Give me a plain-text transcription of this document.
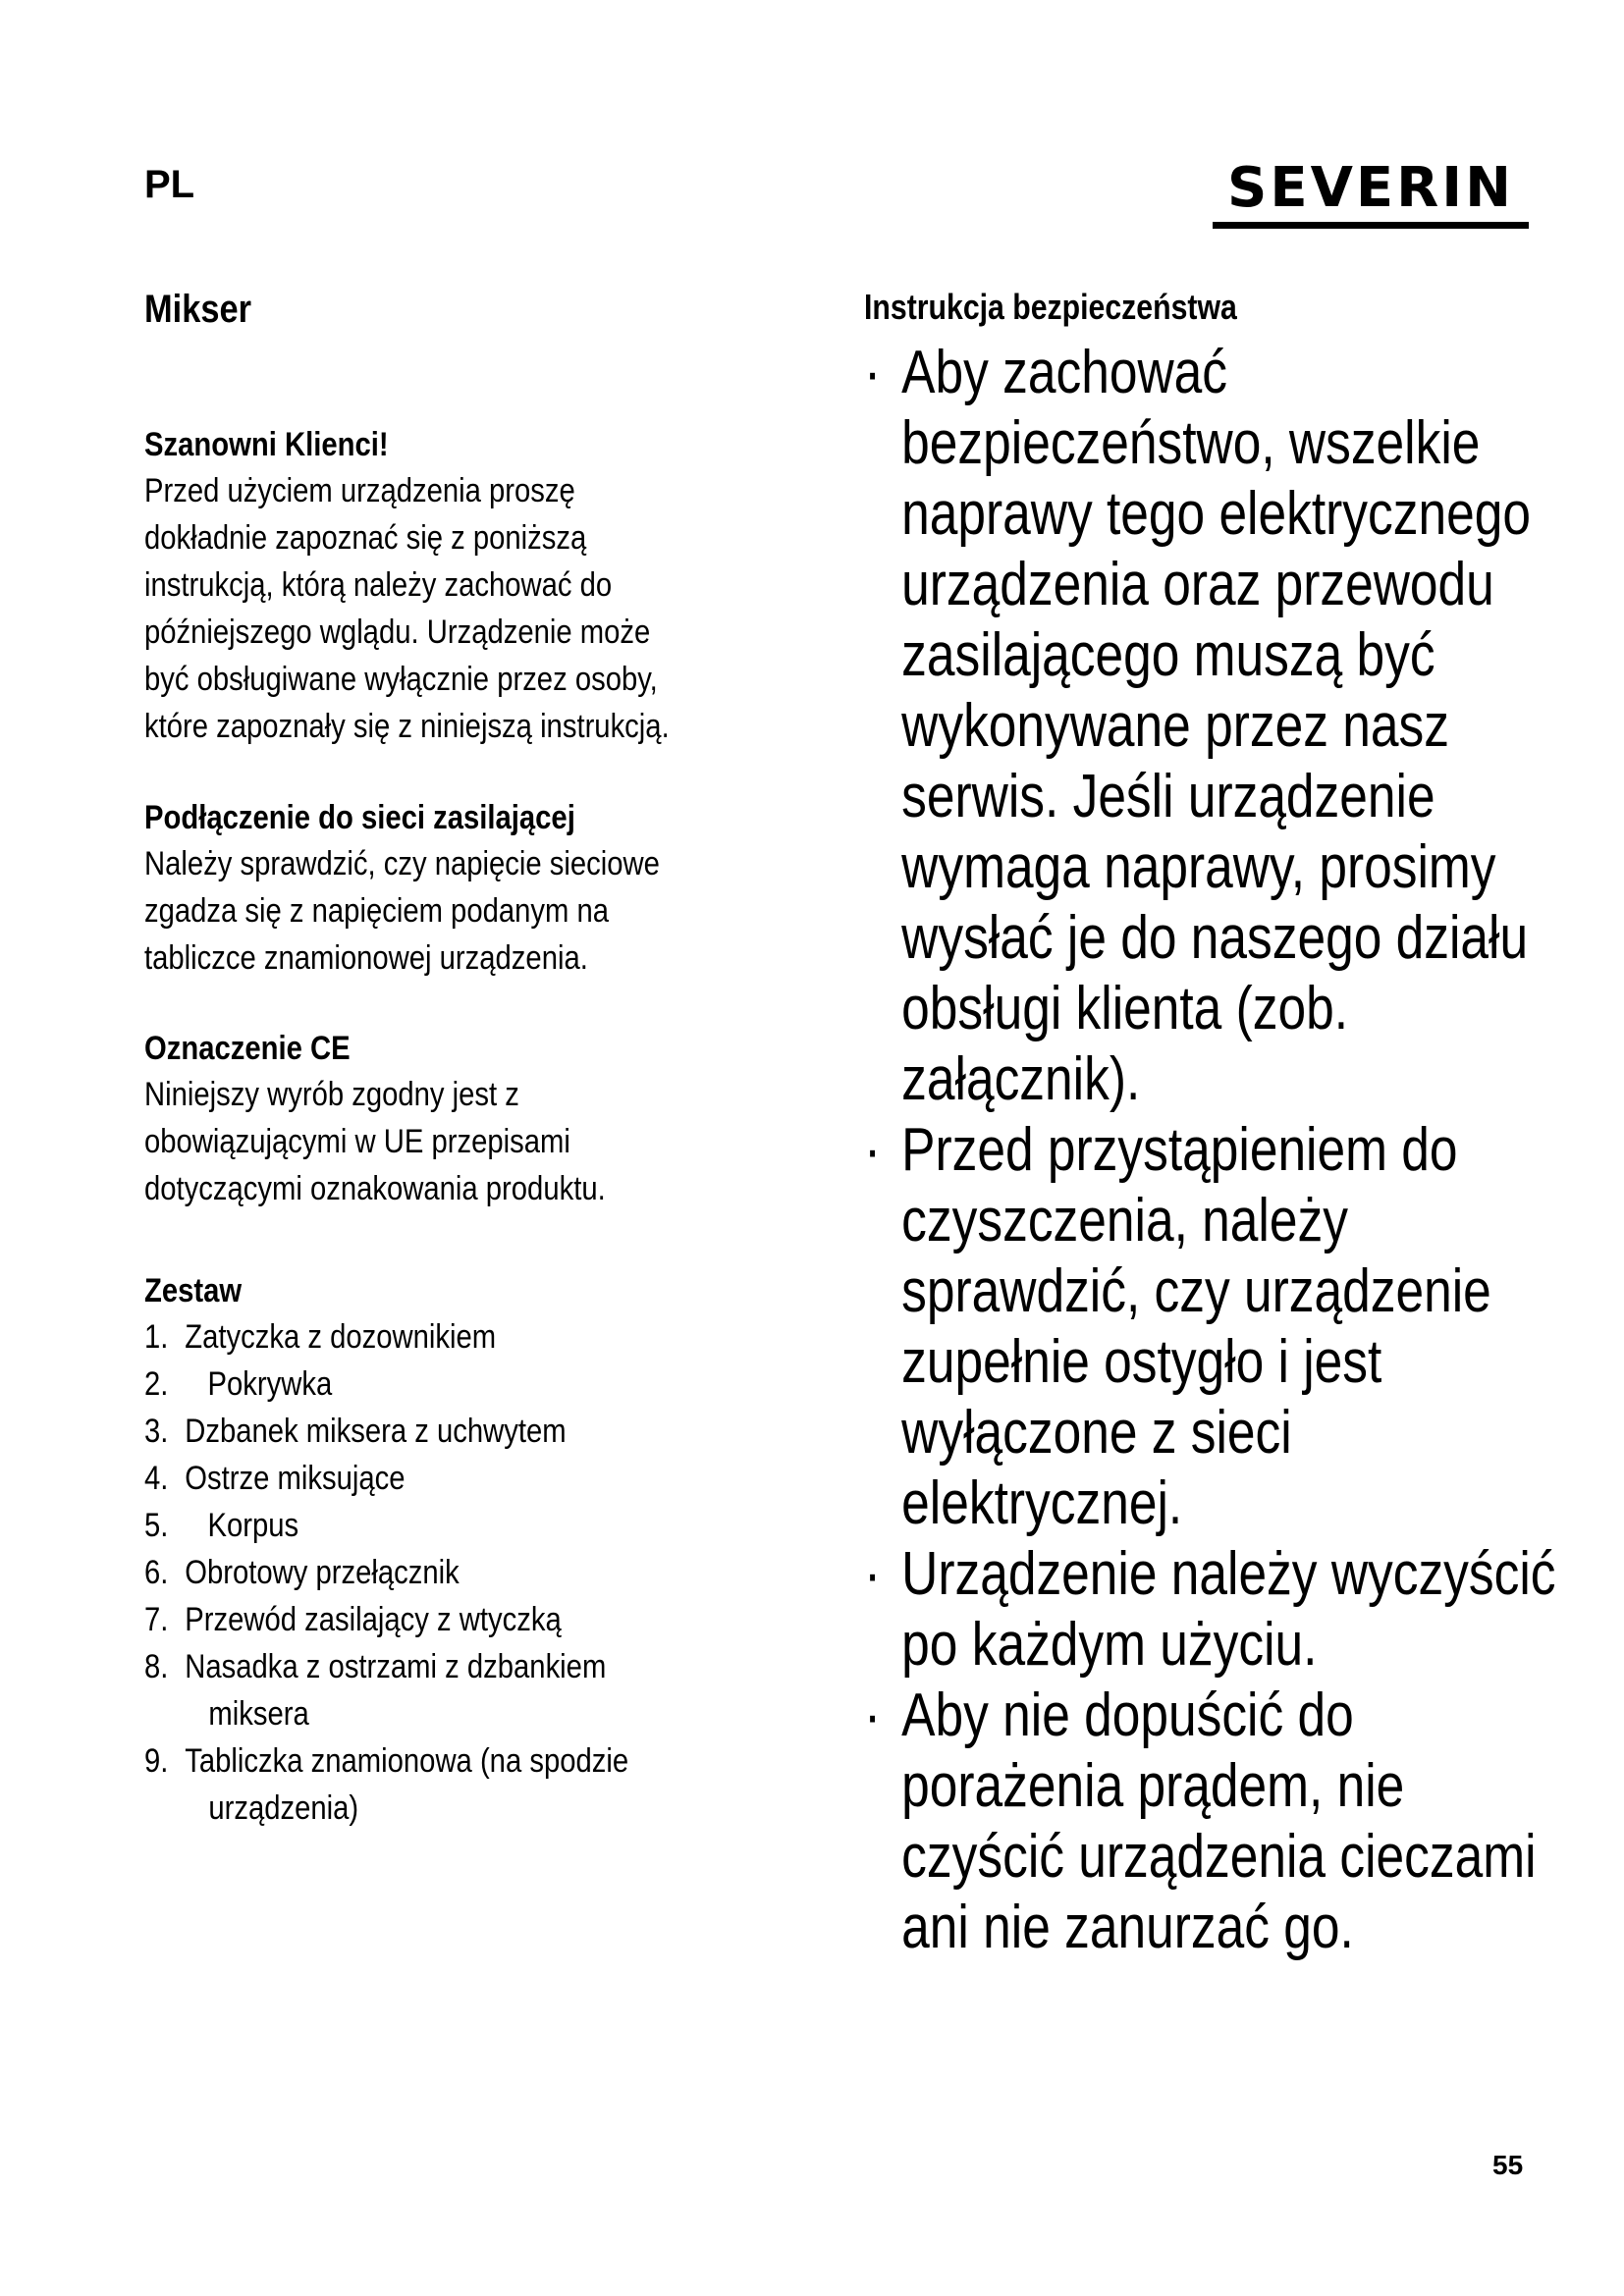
PL	SEVERIN
Mikser
Szanowni Klienci!

Przed użyciem urządzenia proszę

dokładnie zapoznać się z poniższą

instrukcją, którą należy zachować do

późniejszego wglądu. Urządzenie może

być obsługiwane wyłącznie przez osoby,

które zapoznały się z niniejszą instrukcją.

Podłączenie do sieci zasilającej

Należy sprawdzić, czy napięcie sieciowe

zgadza się z napięciem podanym na

tabliczce znamionowej urządzenia.

Oznaczenie CE

Niniejszy wyrób zgodny jest z

obowiązującymi w UE przepisami

dotyczącymi oznakowania produktu.

Zestaw
1. Zatyczka z dozownikiem
2. Pokrywka
3. Dzbanek miksera z uchwytem
4. Ostrze miksujące
5. Korpus
6. Obrotowy przełącznik
7. Przewód zasilający z wtyczką
8. Nasadka z ostrzami z dzbankiem
miksera
9. Tabliczka znamionowa (na spodzie
urządzenia)
Instrukcja bezpieczeństwa
· Aby zachować bezpieczeństwo, wszelkie naprawy tego elektrycznego urządzenia oraz przewodu zasilającego muszą być wykonywane przez nasz serwis. Jeśli urządzenie wymaga naprawy, prosimy wysłać je do naszego działu obsługi klienta (zob. załącznik).
· Przed przystąpieniem do czyszczenia, należy sprawdzić, czy urządzenie zupełnie ostygło i jest wyłączone z sieci elektrycznej.
· Urządzenie należy wyczyścić po każdym użyciu.
· Aby nie dopuścić do porażenia prądem, nie czyścić urządzenia cieczami ani nie zanurzać go.
55
